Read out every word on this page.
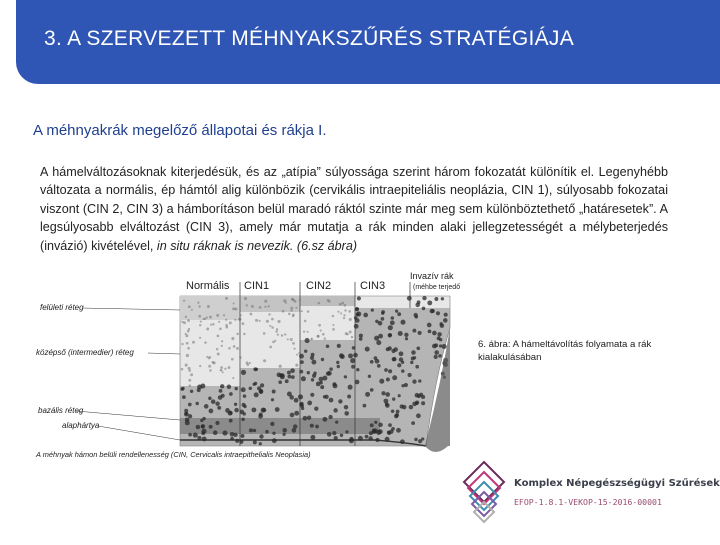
3. A SZERVEZETT MÉHNYAKSZŰRÉS STRATÉGIÁJA
A méhnyakrák megelőző állapotai és rákja I.

A hámelváltozásoknak kiterjedésük, és az „atípia” súlyossága szerint három fokozatát különítik el. Legenyhébb változata a normális, ép hámtól alig különbözik (cervikális intraepiteliális neoplázia, CIN 1), súlyosabb fokozatai viszont (CIN 2, CIN 3) a hámborításon belül maradó ráktól szinte már meg sem különböztethető „határesetek”. A legsúlyosabb elváltozást (CIN 3), amely már mutatja a rák minden alaki jellegzetességét a mélybeterjedés (invázió) kivételével, in situ ráknak is nevezik. (6.sz ábra)

Normális CIN1	CIN2	CIN3
Invazív rák
(méhbe terjedő)
felületi réteg
középső (intermedier) réteg
bazális réteg
alaphártya
A méhnyak hámon belüli rendellenesség (CIN, Cervicalis intraepithelialis Neoplasia)
6. ábra: A hámeltávolítás folyamata a rák kialakulásában
Komplex Népegészségügyi Szűrések
EFOP-1.8.1-VEKOP-15-2016-00001
